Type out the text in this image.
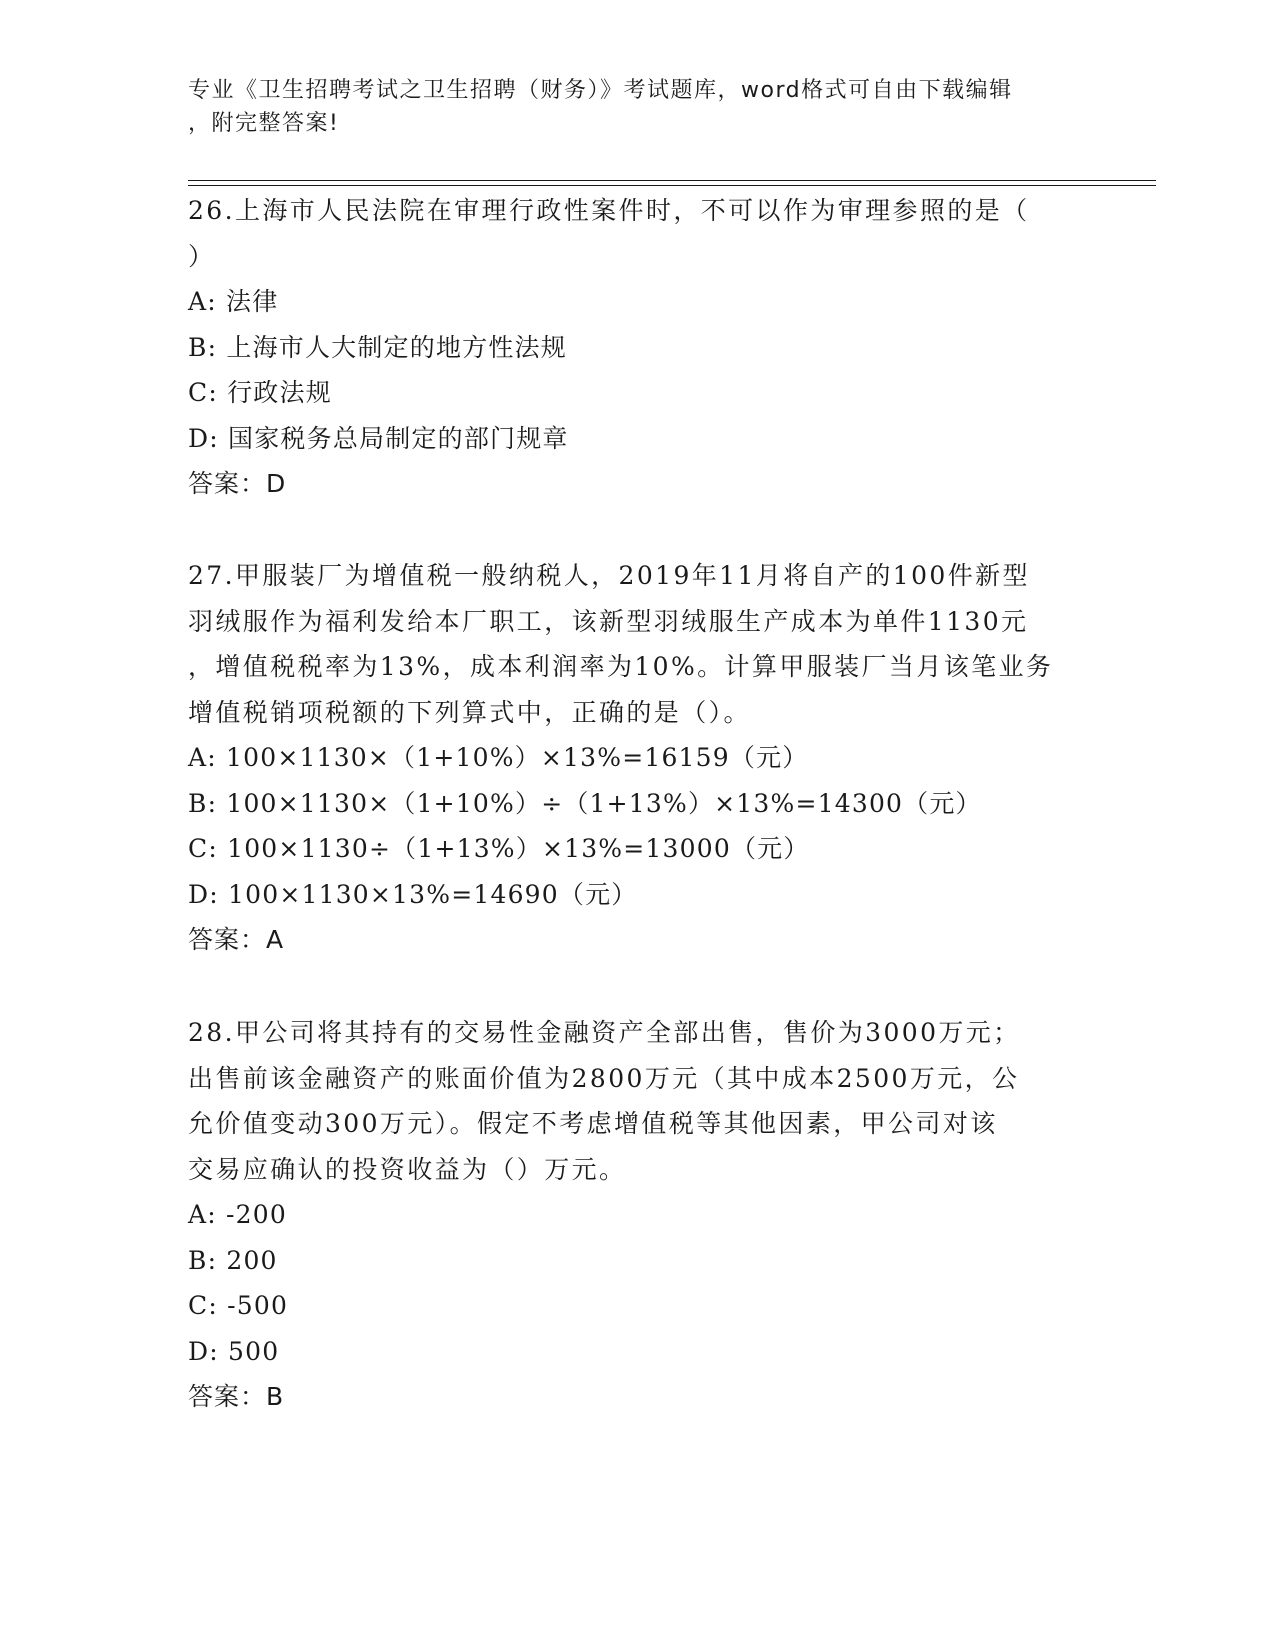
专业《卫生招聘考试之卫生招聘（财务）》考试题库，word格式可自由下载编辑
，附完整答案!
26.上海市人民法院在审理行政性案件时，不可以作为审理参照的是（
）
A: 法律
B: 上海市人大制定的地方性法规
C: 行政法规
D: 国家税务总局制定的部门规章
答案：D
27.甲服装厂为增值税一般纳税人，2019年11月将自产的100件新型
羽绒服作为福利发给本厂职工，该新型羽绒服生产成本为单件1130元
，增值税税率为13%，成本利润率为10%。计算甲服装厂当月该笔业务
增值税销项税额的下列算式中，正确的是（）。
A: 100×1130×（1+10%）×13%=16159（元）
B: 100×1130×（1+10%）÷（1+13%）×13%=14300（元）
C: 100×1130÷（1+13%）×13%=13000（元）
D: 100×1130×13%=14690（元）
答案：A
28.甲公司将其持有的交易性金融资产全部出售，售价为3000万元；
出售前该金融资产的账面价值为2800万元（其中成本2500万元，公
允价值变动300万元）。假定不考虑增值税等其他因素，甲公司对该
交易应确认的投资收益为（）万元。
A: -200
B: 200
C: -500
D: 500
答案：B
